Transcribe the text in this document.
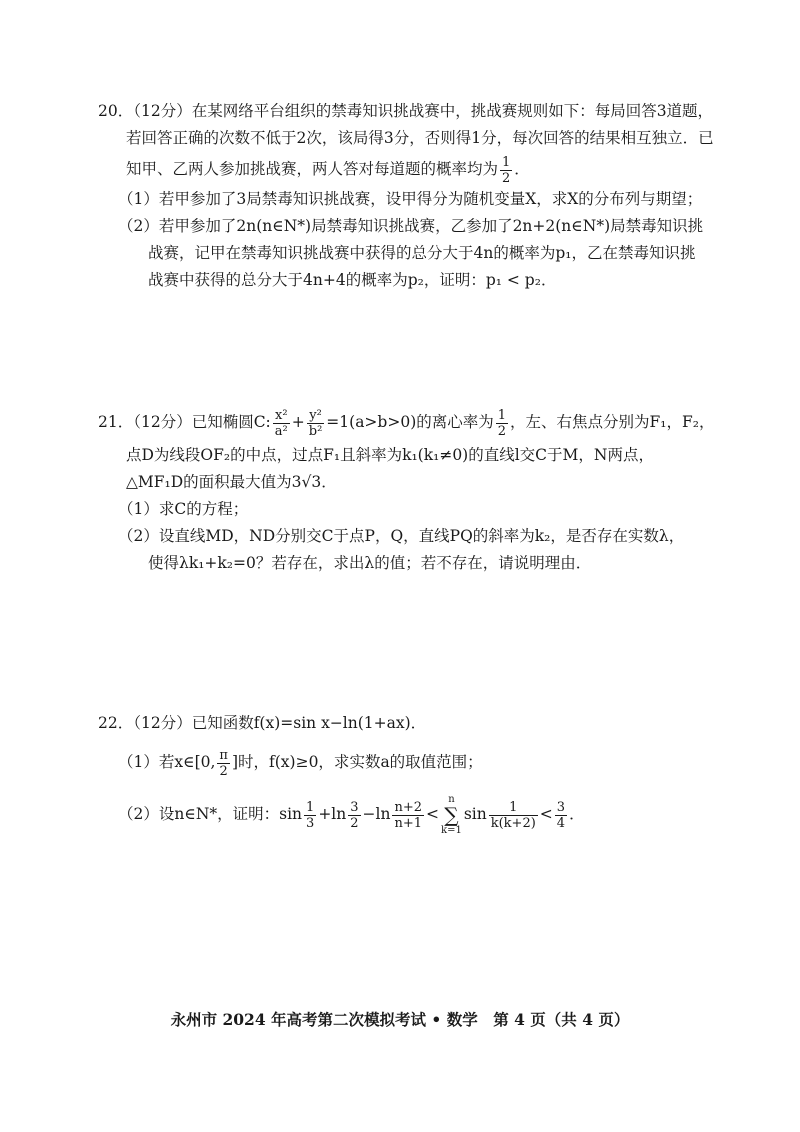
20．（12分）在某网络平台组织的禁毒知识挑战赛中，挑战赛规则如下：每局回答3道题，
若回答正确的次数不低于2次，该局得3分，否则得1分，每次回答的结果相互独立．已
知甲、乙两人参加挑战赛，两人答对每道题的概率均为 $\frac{1}{2}$ ．
（1）若甲参加了3局禁毒知识挑战赛，设甲得分为随机变量X，求X的分布列与期望；
（2）若甲参加了2n(n∈N*)局禁毒知识挑战赛，乙参加了2n+2(n∈N*)局禁毒知识挑
战赛，记甲在禁毒知识挑战赛中获得的总分大于4n的概率为p₁，乙在禁毒知识挑
战赛中获得的总分大于4n+4的概率为p₂，证明：p₁ < p₂．
21．（12分）已知椭圆C: $\frac{\text{x²}}{\text{a²}} + \frac{\text{y²}}{\text{b²}} =1(a>b>0)$的离心率为 $\frac{1}{2}$ ，左、右焦点分别为F₁，F₂，
点D为线段OF₂的中点，过点F₁且斜率为k₁(k₁≠0)的直线l交C于M，N两点，
△MF₁D的面积最大值为3√3．
（1）求C的方程；
（2）设直线MD，ND分别交C于点P，Q，直线PQ的斜率为k₂，是否存在实数λ，
使得λk₁+k₂=0？若存在，求出λ的值；若不存在，请说明理由．
22．（12分）已知函数f(x)=sin x−ln(1+ax)．
（1）若x∈[0, $\frac{\pi}{2}$ ]时，f(x)≥0，求实数a的取值范围；
（2）设n∈N*，证明：$\sin \frac{1}{3} +\ln \frac{3}{2} -\ln \frac{n+2}{n+1}$ <
n
∑
k=1
$\sin \frac{1}{k(k+2)} < \frac{3}{4}$ ．
永州市 2024 年高考第二次模拟考试 • 数学　第 4 页（共 4 页）
